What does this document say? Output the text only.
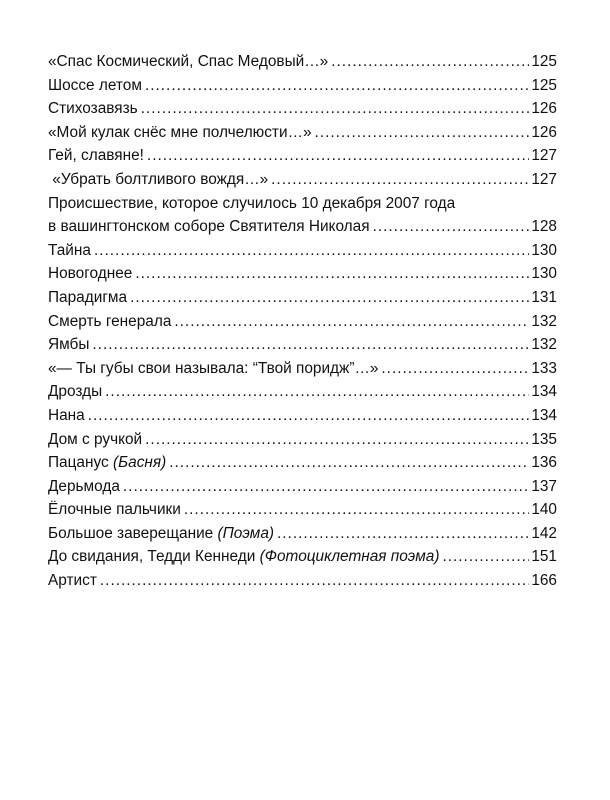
«Спас Космический, Спас Медовый…» .....	125
Шоссе летом .....	125
Стихозавязь .....	126
«Мой кулак снёс мне полчелюсти…» .....	126
Гей, славяне! .....	127
«Убрать болтливого вождя…» .....	127
Происшествие, которое случилось 10 декабря 2007 года
в вашингтонском соборе Святителя Николая .....	128
Тайна .....	130
Новогоднее .....	130
Парадигма .....	131
Смерть генерала .....	132
Ямбы .....	132
«— Ты губы свои называла: “Твой поридж”…» .....	133
Дрозды .....	134
Нана .....	134
Дом с ручкой .....	135
Пацанус (Басня) .....	136
Дерьмода .....	137
Ёлочные пальчики .....	140
Большое заверещание (Поэма) .....	142
До свидания, Тедди Кеннеди (Фотоциклетная поэма) .....	151
Артист .....	166
